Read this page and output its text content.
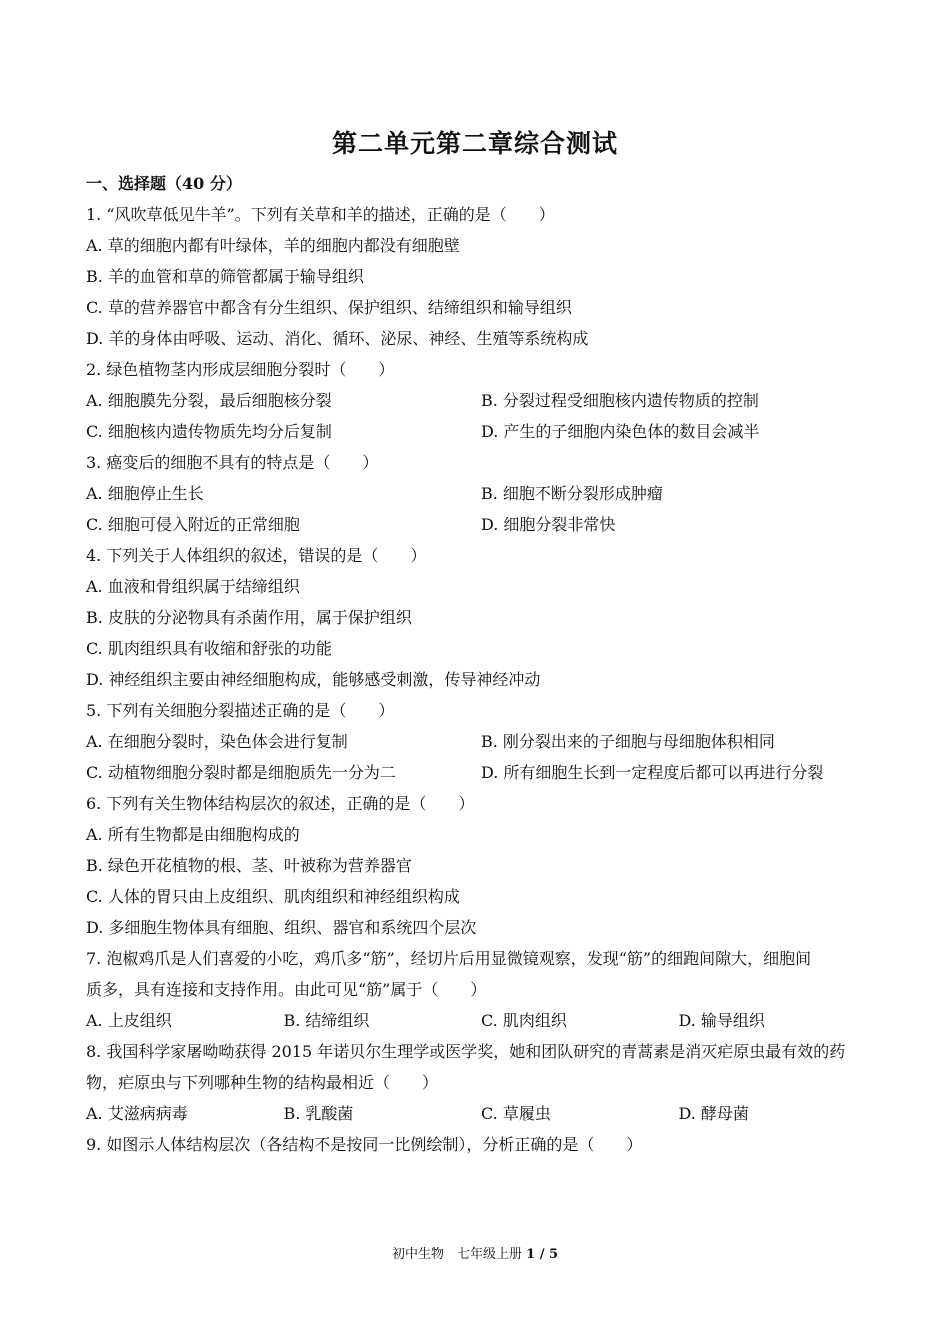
第二单元第二章综合测试
一、选择题（40 分）
1. “风吹草低见牛羊”。下列有关草和羊的描述，正确的是（　　）
A. 草的细胞内都有叶绿体，羊的细胞内都没有细胞壁
B. 羊的血管和草的筛管都属于输导组织
C. 草的营养器官中都含有分生组织、保护组织、结缔组织和输导组织
D. 羊的身体由呼吸、运动、消化、循环、泌尿、神经、生殖等系统构成
2. 绿色植物茎内形成层细胞分裂时（　　）
A. 细胞膜先分裂，最后细胞核分裂	B. 分裂过程受细胞核内遗传物质的控制
C. 细胞核内遗传物质先均分后复制	D. 产生的子细胞内染色体的数目会减半
3. 癌变后的细胞不具有的特点是（　　）
A. 细胞停止生长	B. 细胞不断分裂形成肿瘤
C. 细胞可侵入附近的正常细胞	D. 细胞分裂非常快
4. 下列关于人体组织的叙述，错误的是（　　）
A. 血液和骨组织属于结缔组织
B. 皮肤的分泌物具有杀菌作用，属于保护组织
C. 肌肉组织具有收缩和舒张的功能
D. 神经组织主要由神经细胞构成，能够感受刺激，传导神经冲动
5. 下列有关细胞分裂描述正确的是（　　）
A. 在细胞分裂时，染色体会进行复制	B. 刚分裂出来的子细胞与母细胞体积相同
C. 动植物细胞分裂时都是细胞质先一分为二	D. 所有细胞生长到一定程度后都可以再进行分裂
6. 下列有关生物体结构层次的叙述，正确的是（　　）
A. 所有生物都是由细胞构成的
B. 绿色开花植物的根、茎、叶被称为营养器官
C. 人体的胃只由上皮组织、肌肉组织和神经组织构成
D. 多细胞生物体具有细胞、组织、器官和系统四个层次
7. 泡椒鸡爪是人们喜爱的小吃，鸡爪多“筋”，经切片后用显微镜观察，发现“筋”的细跑间隙大，细胞间
质多，具有连接和支持作用。由此可见“筋”属于（　　）
A. 上皮组织	B. 结缔组织	C. 肌肉组织	D. 输导组织
8. 我国科学家屠呦呦获得 2015 年诺贝尔生理学或医学奖，她和团队研究的青蒿素是消灭疟原虫最有效的药
物，疟原虫与下列哪种生物的结构最相近（　　）
A. 艾滋病病毒	B. 乳酸菌	C. 草履虫	D. 酵母菌
9. 如图示人体结构层次（各结构不是按同一比例绘制），分析正确的是（　　）
初中生物　七年级上册 1 / 5
